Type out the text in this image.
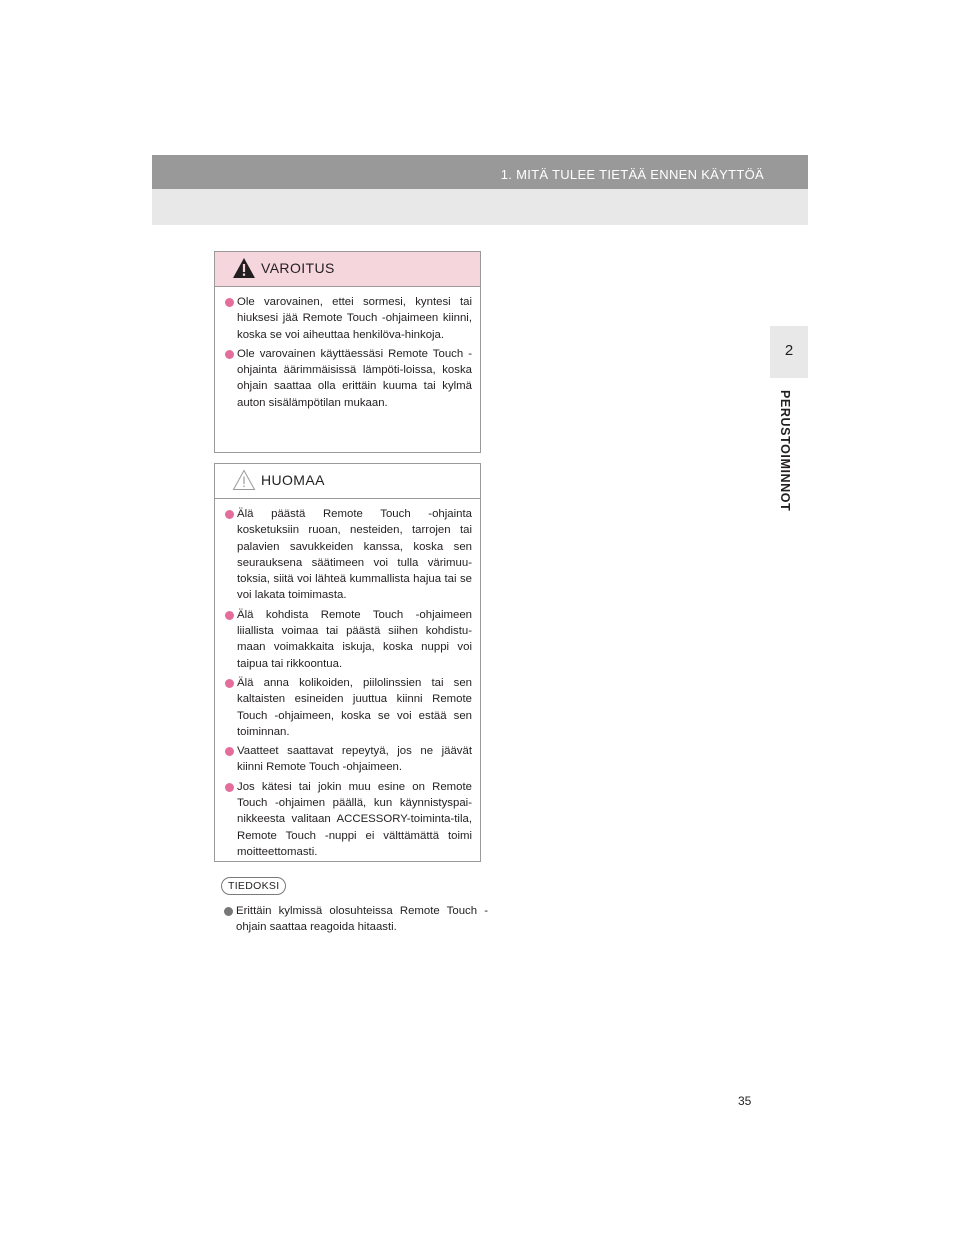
1. MITÄ TULEE TIETÄÄ ENNEN KÄYTTÖÄ
2
PERUSTOIMINNOT
VAROITUS
Ole varovainen, ettei sormesi, kyntesi tai hiuksesi jää Remote Touch -ohjaimeen kiinni, koska se voi aiheuttaa henkilöva-hinkoja.
Ole varovainen käyttäessäsi Remote Touch -ohjainta äärimmäisissä lämpöti-loissa, koska ohjain saattaa olla erittäin kuuma tai kylmä auton sisälämpötilan mukaan.
HUOMAA
Älä päästä Remote Touch -ohjainta kosketuksiin ruoan, nesteiden, tarrojen tai palavien savukkeiden kanssa, koska sen seurauksena säätimeen voi tulla värimuu-toksia, siitä voi lähteä kummallista hajua tai se voi lakata toimimasta.
Älä kohdista Remote Touch -ohjaimeen liiallista voimaa tai päästä siihen kohdistu-maan voimakkaita iskuja, koska nuppi voi taipua tai rikkoontua.
Älä anna kolikoiden, piilolinssien tai sen kaltaisten esineiden juuttua kiinni Remote Touch -ohjaimeen, koska se voi estää sen toiminnan.
Vaatteet saattavat repeytyä, jos ne jäävät kiinni Remote Touch -ohjaimeen.
Jos kätesi tai jokin muu esine on Remote Touch -ohjaimen päällä, kun käynnistyspai-nikkeesta valitaan ACCESSORY-toiminta-tila, Remote Touch -nuppi ei välttämättä toimi moitteettomasti.
TIEDOKSI
Erittäin kylmissä olosuhteissa Remote Touch -ohjain saattaa reagoida hitaasti.
35
